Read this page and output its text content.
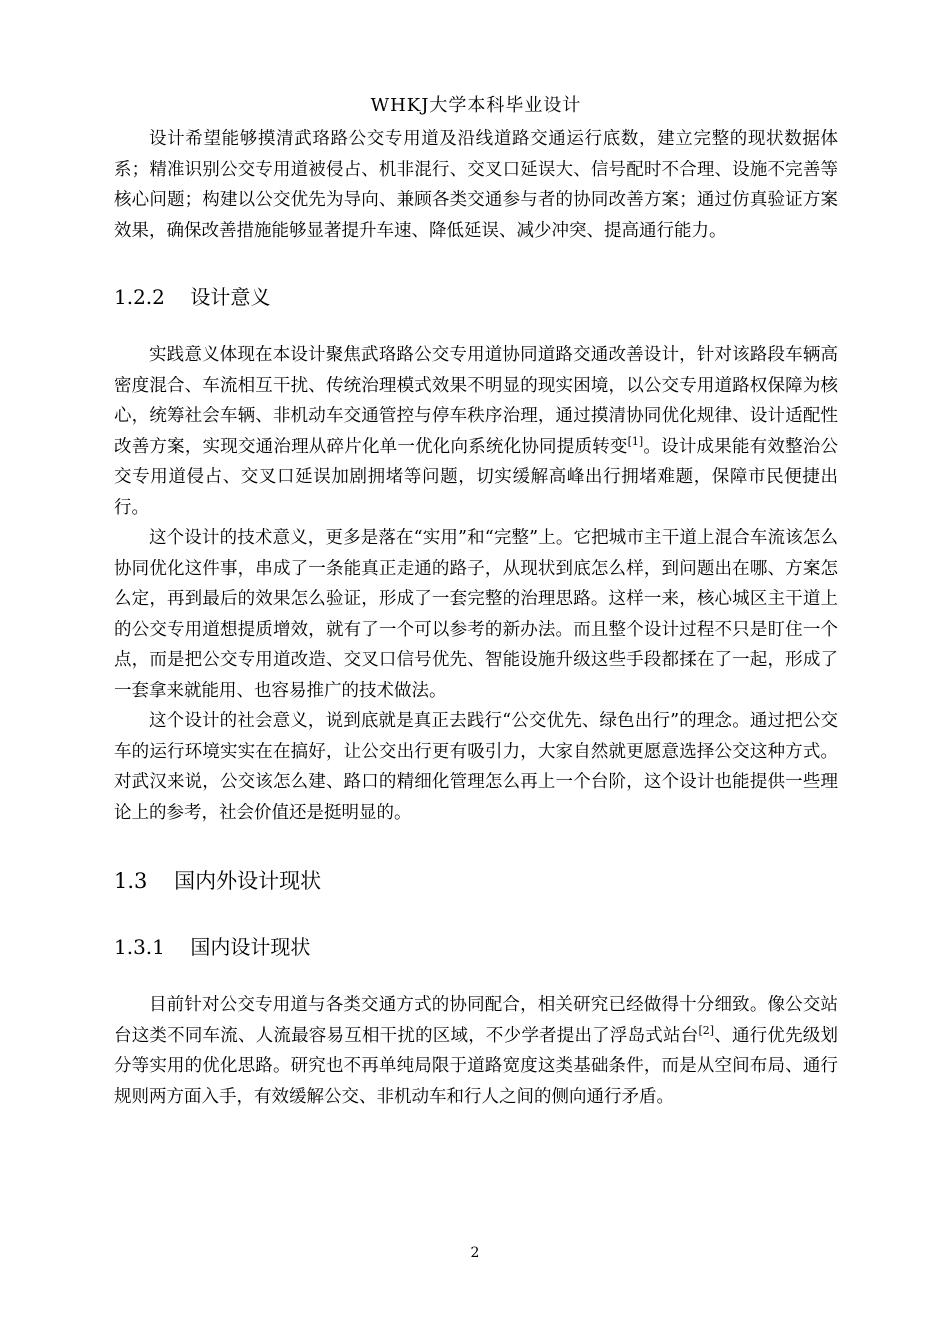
WHKJ大学本科毕业设计

设计希望能够摸清武珞路公交专用道及沿线道路交通运行底数，建立完整的现状数据体系；精准识别公交专用道被侵占、机非混行、交叉口延误大、信号配时不合理、设施不完善等核心问题；构建以公交优先为导向、兼顾各类交通参与者的协同改善方案；通过仿真验证方案效果，确保改善措施能够显著提升车速、降低延误、减少冲突、提高通行能力。

1.2.2 设计意义

实践意义体现在本设计聚焦武珞路公交专用道协同道路交通改善设计，针对该路段车辆高密度混合、车流相互干扰、传统治理模式效果不明显的现实困境，以公交专用道路权保障为核心，统筹社会车辆、非机动车交通管控与停车秩序治理，通过摸清协同优化规律、设计适配性改善方案，实现交通治理从碎片化单一优化向系统化协同提质转变[1]。设计成果能有效整治公交专用道侵占、交叉口延误加剧拥堵等问题，切实缓解高峰出行拥堵难题，保障市民便捷出行。

这个设计的技术意义，更多是落在“实用”和“完整”上。它把城市主干道上混合车流该怎么协同优化这件事，串成了一条能真正走通的路子，从现状到底怎么样，到问题出在哪、方案怎么定，再到最后的效果怎么验证，形成了一套完整的治理思路。这样一来，核心城区主干道上的公交专用道想提质增效，就有了一个可以参考的新办法。而且整个设计过程不只是盯住一个点，而是把公交专用道改造、交叉口信号优先、智能设施升级这些手段都揉在了一起，形成了一套拿来就能用、也容易推广的技术做法。

这个设计的社会意义，说到底就是真正去践行“公交优先、绿色出行”的理念。通过把公交车的运行环境实实在在搞好，让公交出行更有吸引力，大家自然就更愿意选择公交这种方式。对武汉来说，公交该怎么建、路口的精细化管理怎么再上一个台阶，这个设计也能提供一些理论上的参考，社会价值还是挺明显的。

1.3 国内外设计现状
1.3.1 国内设计现状

目前针对公交专用道与各类交通方式的协同配合，相关研究已经做得十分细致。像公交站台这类不同车流、人流最容易互相干扰的区域，不少学者提出了浮岛式站台[2]、通行优先级划分等实用的优化思路。研究也不再单纯局限于道路宽度这类基础条件，而是从空间布局、通行规则两方面入手，有效缓解公交、非机动车和行人之间的侧向通行矛盾。

2
